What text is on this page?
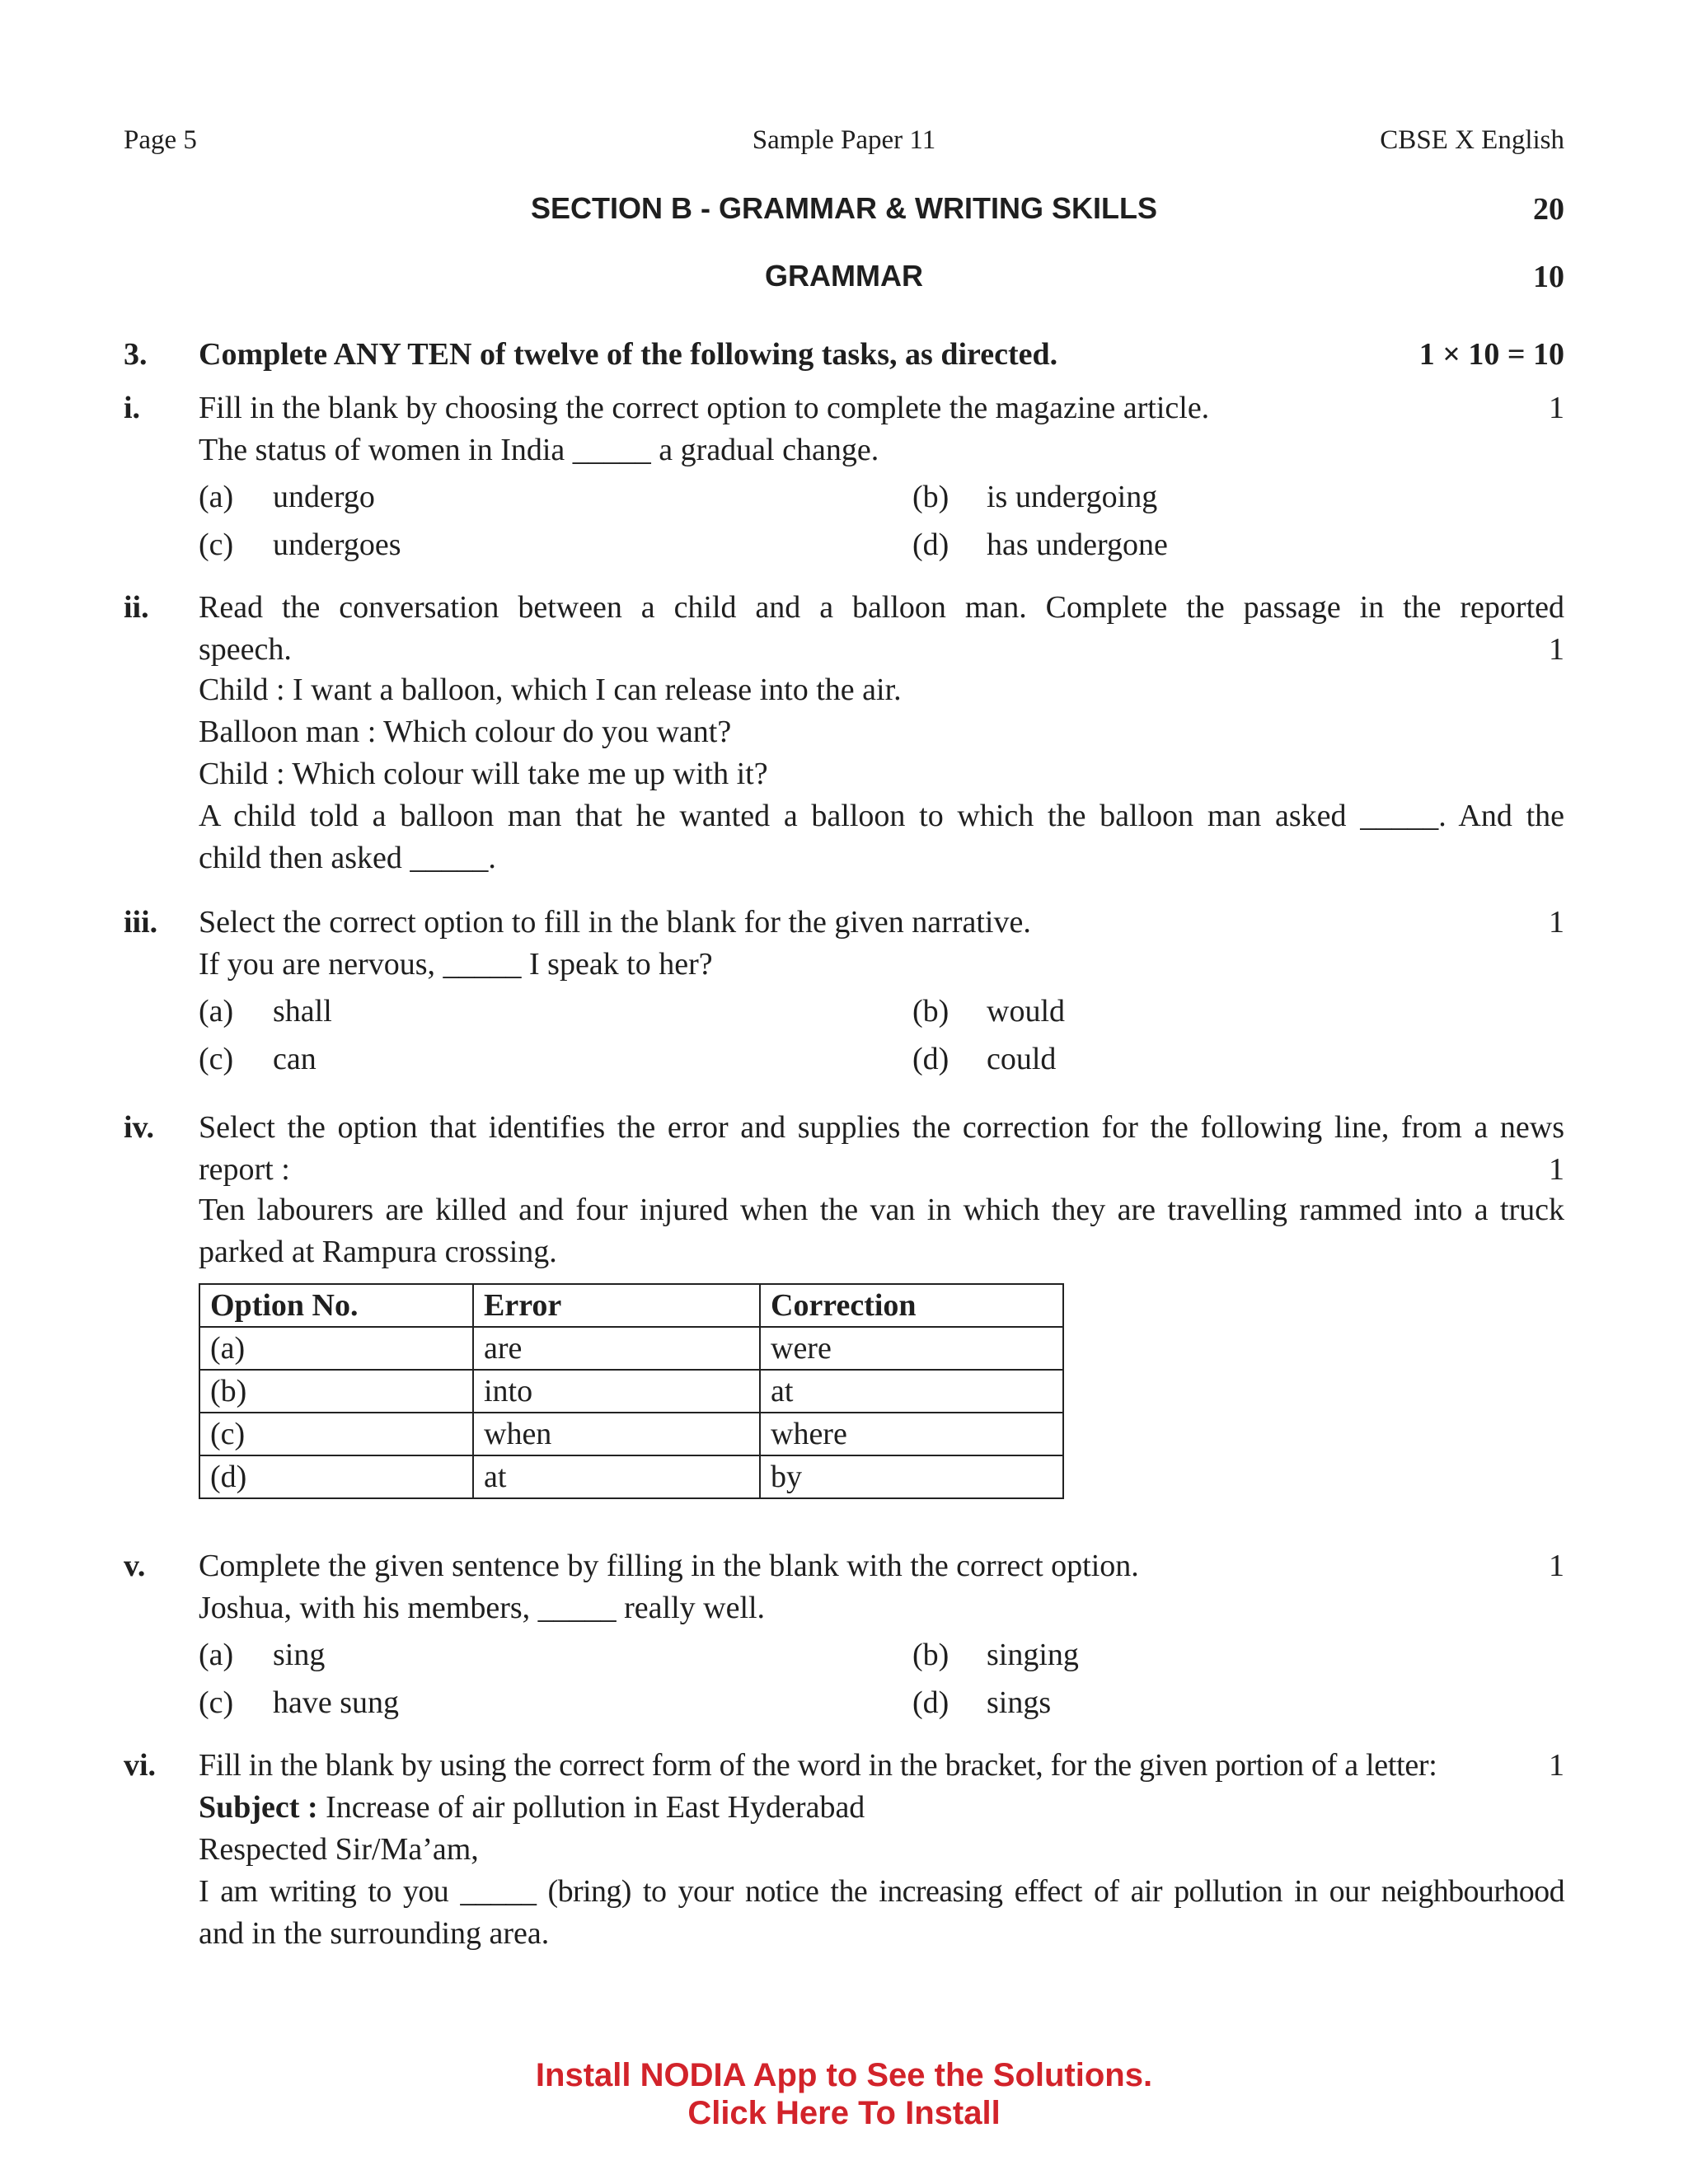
Page 5	Sample Paper 11	CBSE X English
SECTION B - GRAMMAR & WRITING SKILLS	20
GRAMMAR	10
3. Complete ANY TEN of twelve of the following tasks, as directed.	1 × 10 = 10
i.	1
Fill in the blank by choosing the correct option to complete the magazine article.
The status of women in India _____ a gradual change.
(a) undergo	(b) is undergoing
(c) undergoes	(d) has undergone
ii. Read the conversation between a child and a balloon man. Complete the passage in the reported
speech.
Child : I want a balloon, which I can release into the air.
Balloon man : Which colour do you want?
Child : Which colour will take me up with it?
A child told a balloon man that he wanted a balloon to which the balloon man asked _____. And the
child then asked _____.
1
iii.	1
Select the correct option to fill in the blank for the given narrative.
If you are nervous, _____ I speak to her?
(a) shall	(b) would
(c) can	(d) could
iv. Select the option that identifies the error and supplies the correction for the following line, from a news
report :
Ten labourers are killed and four injured when the van in which they are travelling rammed into a truck
parked at Rampura crossing.
1
Option No.	Error	Correction
(a)	are	were
(b)	into	at
(c)	when	where
(d)	at	by
v.	1
Complete the given sentence by filling in the blank with the correct option.
Joshua, with his members, _____ really well.
(a) sing	(b) singing
(c) have sung	(d) sings
vi.	1
Fill in the blank by using the correct form of the word in the bracket, for the given portion of a letter:
Subject : Increase of air pollution in East Hyderabad
Respected Sir/Ma’am,
I am writing to you _____ (bring) to your notice the increasing effect of air pollution in our neighbourhood
and in the surrounding area.
Install NODIA App to See the Solutions.
Click Here To Install
